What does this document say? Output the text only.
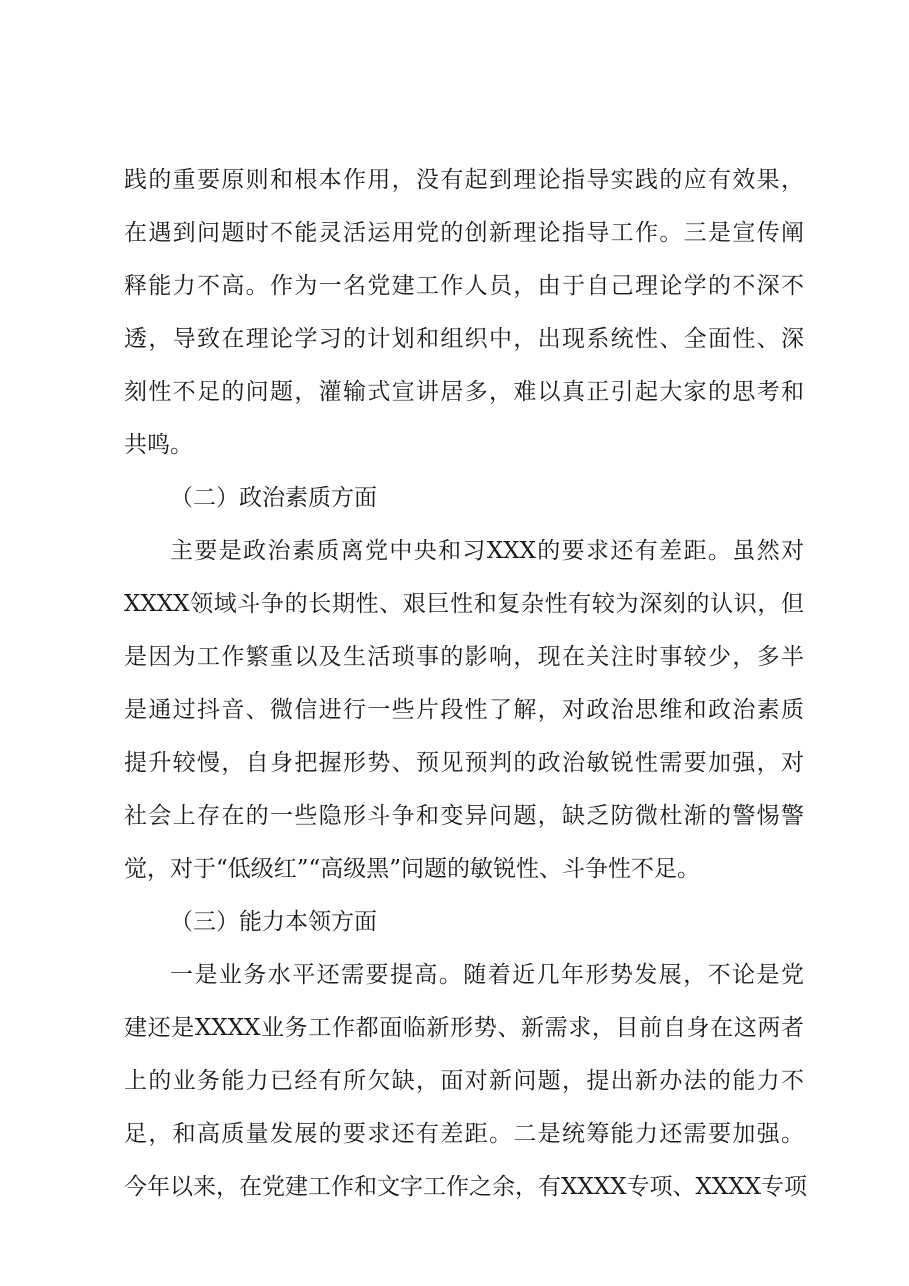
践的重要原则和根本作用，没有起到理论指导实践的应有效果，
在遇到问题时不能灵活运用党的创新理论指导工作。三是宣传阐
释能力不高。作为一名党建工作人员，由于自己理论学的不深不
透，导致在理论学习的计划和组织中，出现系统性、全面性、深
刻性不足的问题，灌输式宣讲居多，难以真正引起大家的思考和
共鸣。
（二）政治素质方面
主要是政治素质离党中央和习XXX的要求还有差距。虽然对
XXXX领域斗争的长期性、艰巨性和复杂性有较为深刻的认识，但
是因为工作繁重以及生活琐事的影响，现在关注时事较少，多半
是通过抖音、微信进行一些片段性了解，对政治思维和政治素质
提升较慢，自身把握形势、预见预判的政治敏锐性需要加强，对
社会上存在的一些隐形斗争和变异问题，缺乏防微杜渐的警惕警
觉，对于“低级红”“高级黑”问题的敏锐性、斗争性不足。
（三）能力本领方面
一是业务水平还需要提高。随着近几年形势发展，不论是党
建还是XXXX业务工作都面临新形势、新需求，目前自身在这两者
上的业务能力已经有所欠缺，面对新问题，提出新办法的能力不
足，和高质量发展的要求还有差距。二是统筹能力还需要加强。
今年以来，在党建工作和文字工作之余，有XXXX专项、XXXX专项
